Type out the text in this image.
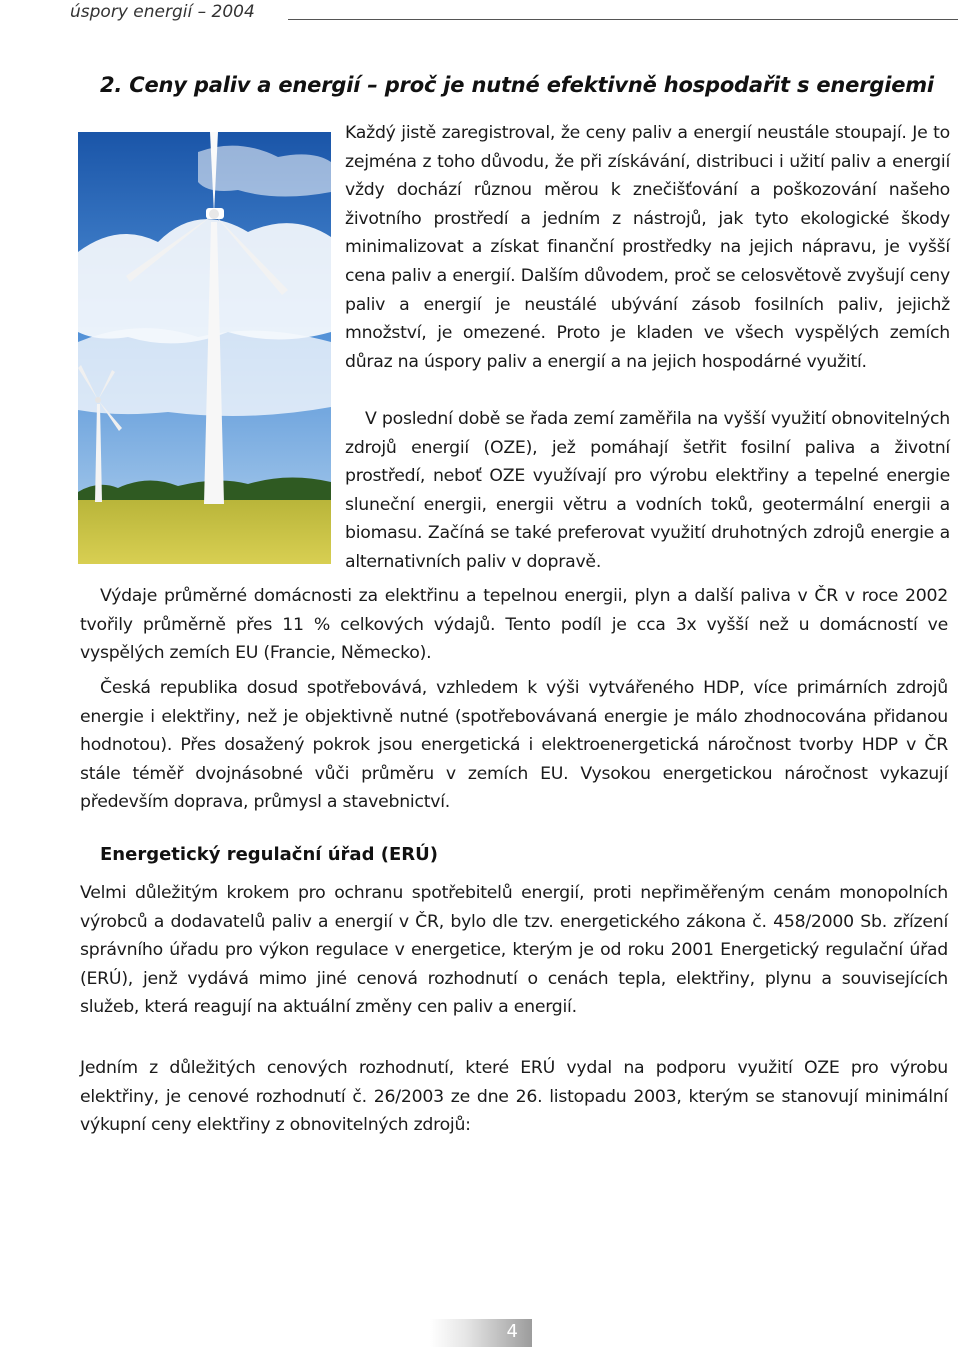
úspory energií – 2004
2. Ceny paliv a energií – proč je nutné efektivně hospodařit s energiemi

Každý jistě zaregistroval, že ceny paliv a energií neustále stoupají. Je to zejména z toho důvodu, že při získávání, distribuci i užití paliv a energií vždy dochází různou měrou k znečišťování a poškozování našeho životního prostředí a jedním z nástrojů, jak tyto ekologické škody minimalizovat a získat finanční prostředky na jejich nápravu, je vyšší cena paliv a energií. Dalším důvodem, proč se celosvětově zvyšují ceny paliv a energií je neustálé ubývání zásob fosilních paliv, jejichž množství, je omezené. Proto je kladen ve všech vyspělých zemích důraz na úspory paliv a energií a na jejich hospodárné využití.

V poslední době se řada zemí zaměřila na vyšší využití obnovitelných zdrojů energií (OZE), jež pomáhají šetřit fosilní paliva a životní prostředí, neboť OZE využívají pro výrobu elektřiny a tepelné energie sluneční energii, energii větru a vodních toků, geotermální energii a biomasu. Začíná se také preferovat využití druhotných zdrojů energie a alternativních paliv v dopravě.

Výdaje průměrné domácnosti za elektřinu a tepelnou energii, plyn a další paliva v ČR v roce 2002 tvořily průměrně přes 11 % celkových výdajů. Tento podíl je cca 3x vyšší než u domácností ve vyspělých zemích EU (Francie, Německo).

Česká republika dosud spotřebovává, vzhledem k výši vytvářeného HDP, více primárních zdrojů energie i elektřiny, než je objektivně nutné (spotřebovávaná energie je málo zhodnocována přidanou hodnotou). Přes dosažený pokrok jsou energetická i elektroenergetická náročnost tvorby HDP v ČR stále téměř dvojnásobné vůči průměru v zemích EU. Vysokou energetickou náročnost vykazují především doprava, průmysl a stavebnictví.

Energetický regulační úřad (ERÚ)

Velmi důležitým krokem pro ochranu spotřebitelů energií, proti nepřiměřeným cenám monopolních výrobců a dodavatelů paliv a energií v ČR, bylo dle tzv. energetického zákona č. 458/2000 Sb. zřízení správního úřadu pro výkon regulace v energetice, kterým je od roku 2001 Energetický regulační úřad (ERÚ), jenž vydává mimo jiné cenová rozhodnutí o cenách tepla, elektřiny, plynu a souvisejících služeb, která reagují na aktuální změny cen paliv a energií.

Jedním z důležitých cenových rozhodnutí, které ERÚ vydal na podporu využití OZE pro výrobu elektřiny, je cenové rozhodnutí č. 26/2003 ze dne 26. listopadu 2003, kterým se stanovují minimální výkupní ceny elektřiny z obnovitelných zdrojů:

4
